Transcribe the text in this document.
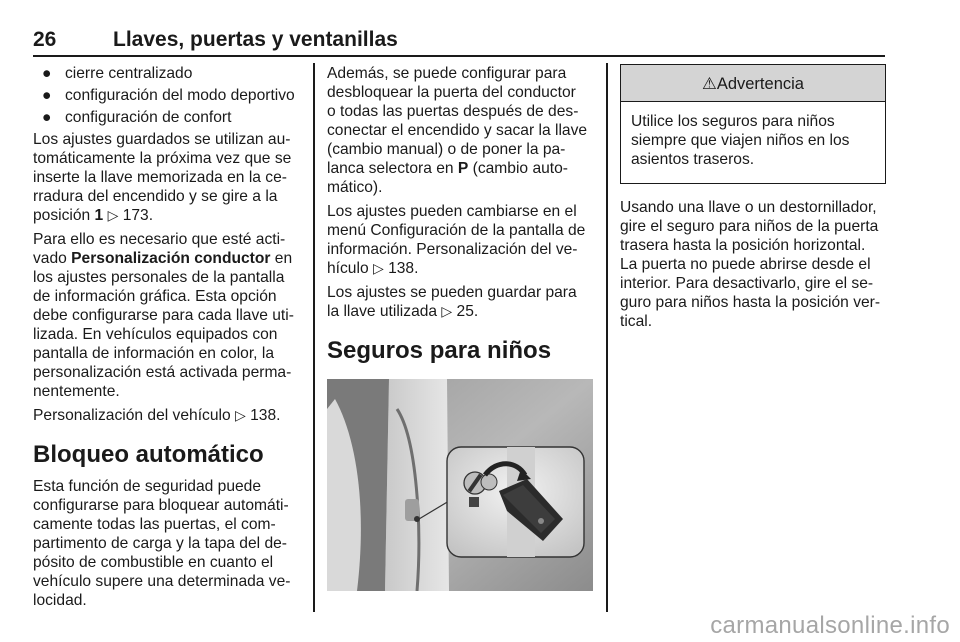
26	Llaves, puertas y ventanillas
● cierre centralizado
● configuración del modo deportivo
● configuración de confort

Los ajustes guardados se utilizan au-
tomáticamente la próxima vez que se
inserte la llave memorizada en la ce-
rradura del encendido y se gire a la
posición 1 ▷ 173.

Para ello es necesario que esté acti-
vado Personalización conductor en
los ajustes personales de la pantalla
de información gráfica. Esta opción
debe configurarse para cada llave uti-
lizada. En vehículos equipados con
pantalla de información en color, la
personalización está activada perma-
nentemente.

Personalización del vehículo ▷ 138.

Bloqueo automático

Esta función de seguridad puede
configurarse para bloquear automáti-
camente todas las puertas, el com-
partimento de carga y la tapa del de-
pósito de combustible en cuanto el
vehículo supere una determinada ve-
locidad.

Además, se puede configurar para
desbloquear la puerta del conductor
o todas las puertas después de des-
conectar el encendido y sacar la llave
(cambio manual) o de poner la pa-
lanca selectora en P (cambio auto-
mático).

Los ajustes pueden cambiarse en el
menú Configuración de la pantalla de
información. Personalización del ve-
hículo ▷ 138.

Los ajustes se pueden guardar para
la llave utilizada ▷ 25.

Seguros para niños
⚠Advertencia
Utilice los seguros para niños
siempre que viajen niños en los
asientos traseros.

Usando una llave o un destornillador,
gire el seguro para niños de la puerta
trasera hasta la posición horizontal.
La puerta no puede abrirse desde el
interior. Para desactivarlo, gire el se-
guro para niños hasta la posición ver-
tical.

carmanualsonline.info
